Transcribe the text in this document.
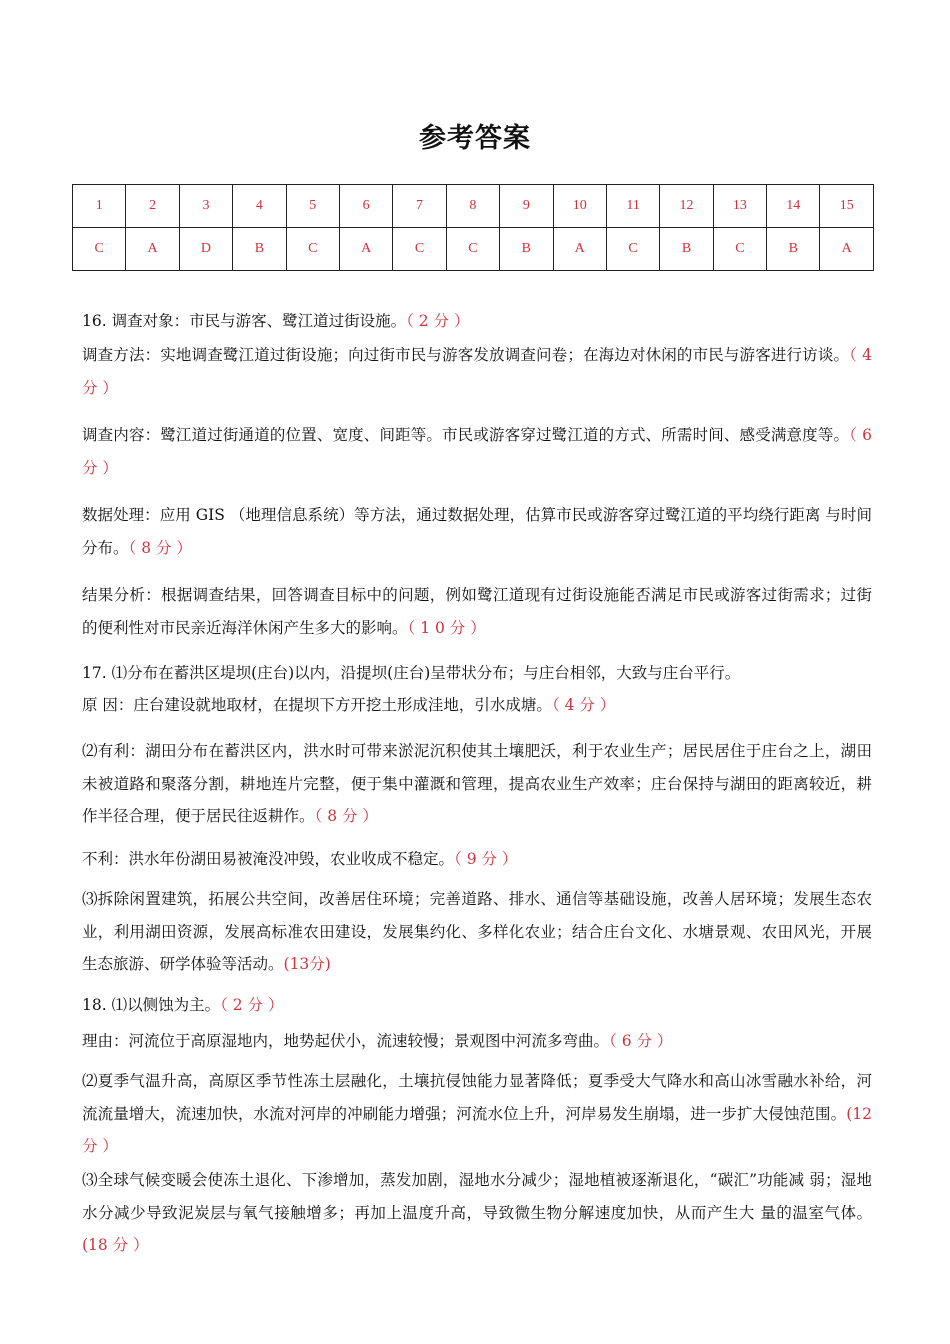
参考答案
1	2	3	4	5	6	7	8	9	10	11	12	13	14	15
C	A	D	B	C	A	C	C	B	A	C	B	C	B	A
16. 调查对象：市民与游客、鹭江道过街设施。（ 2 分 ）
调查方法：实地调查鹭江道过街设施；向过街市民与游客发放调查问卷；在海边对休闲的市民与游客进行访谈。（ 4 分 ）
调查内容：鹭江道过街通道的位置、宽度、间距等。市民或游客穿过鹭江道的方式、所需时间、感受满意度等。（ 6 分 ）
数据处理：应用 GIS （地理信息系统）等方法，通过数据处理，估算市民或游客穿过鹭江道的平均绕行距离 与时间分布。（ 8 分 ）
结果分析：根据调查结果，回答调查目标中的问题，例如鹭江道现有过街设施能否满足市民或游客过街需求；过街的便利性对市民亲近海洋休闲产生多大的影响。（ 1 0 分 ）
17. ⑴分布在蓄洪区堤坝(庄台)以内，沿提坝(庄台)呈带状分布；与庄台相邻，大致与庄台平行。
原 因：庄台建设就地取材，在提坝下方开挖土形成洼地，引水成塘。（ 4 分 ）
⑵有利：湖田分布在蓄洪区内，洪水时可带来淤泥沉积使其土壤肥沃，利于农业生产；居民居住于庄台之上，湖田未被道路和聚落分割，耕地连片完整，便于集中灌溉和管理，提高农业生产效率；庄台保持与湖田的距离较近，耕作半径合理，便于居民往返耕作。（ 8 分 ）
不利：洪水年份湖田易被淹没冲毁，农业收成不稳定。（ 9 分 ）
⑶拆除闲置建筑，拓展公共空间，改善居住环境；完善道路、排水、通信等基础设施，改善人居环境；发展生态农业，利用湖田资源，发展高标准农田建设，发展集约化、多样化农业；结合庄台文化、水塘景观、农田风光，开展生态旅游、研学体验等活动。(13分)
18. ⑴以侧蚀为主。（ 2 分 ）
理由：河流位于高原湿地内，地势起伏小，流速较慢；景观图中河流多弯曲。（ 6 分 ）
⑵夏季气温升高，高原区季节性冻土层融化，土壤抗侵蚀能力显著降低；夏季受大气降水和高山冰雪融水补给，河流流量增大，流速加快，水流对河岸的冲刷能力增强；河流水位上升，河岸易发生崩塌，进一步扩大侵蚀范围。(12 分 ）
⑶全球气候变暖会使冻土退化、下渗增加，蒸发加剧，湿地水分减少；湿地植被逐渐退化，“碳汇”功能减 弱；湿地水分减少导致泥炭层与氧气接触增多；再加上温度升高，导致微生物分解速度加快，从而产生大 量的温室气体。(18 分 ）
